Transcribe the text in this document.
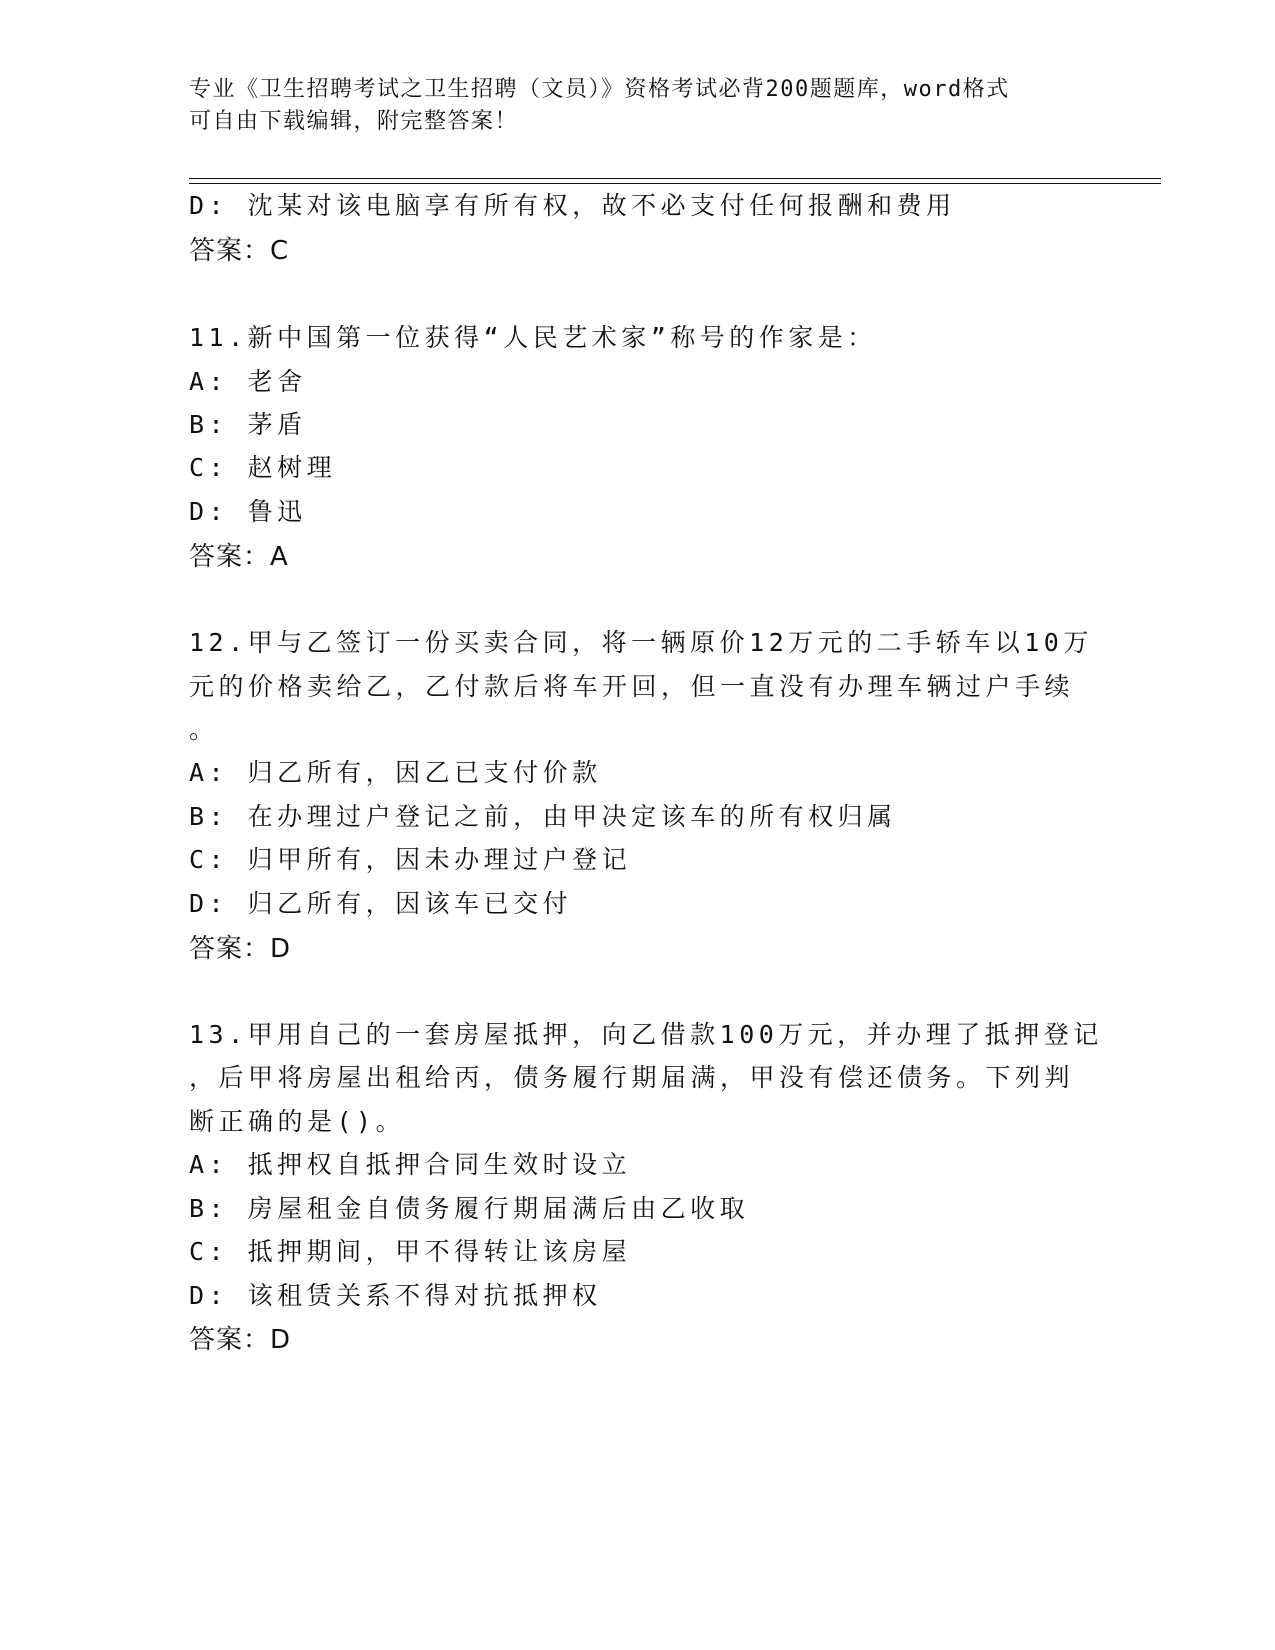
专业《卫生招聘考试之卫生招聘（文员）》资格考试必背200题题库，word格式
可自由下载编辑，附完整答案！
D: 沈某对该电脑享有所有权，故不必支付任何报酬和费用
答案：C
11.新中国第一位获得“人民艺术家”称号的作家是：
A: 老舍
B: 茅盾
C: 赵树理
D: 鲁迅
答案：A
12.甲与乙签订一份买卖合同，将一辆原价12万元的二手轿车以10万
元的价格卖给乙，乙付款后将车开回，但一直没有办理车辆过户手续
。
A: 归乙所有，因乙已支付价款
B: 在办理过户登记之前，由甲决定该车的所有权归属
C: 归甲所有，因未办理过户登记
D: 归乙所有，因该车已交付
答案：D
13.甲用自己的一套房屋抵押，向乙借款100万元，并办理了抵押登记
，后甲将房屋出租给丙，债务履行期届满，甲没有偿还债务。下列判
断正确的是()。
A: 抵押权自抵押合同生效时设立
B: 房屋租金自债务履行期届满后由乙收取
C: 抵押期间，甲不得转让该房屋
D: 该租赁关系不得对抗抵押权
答案：D
